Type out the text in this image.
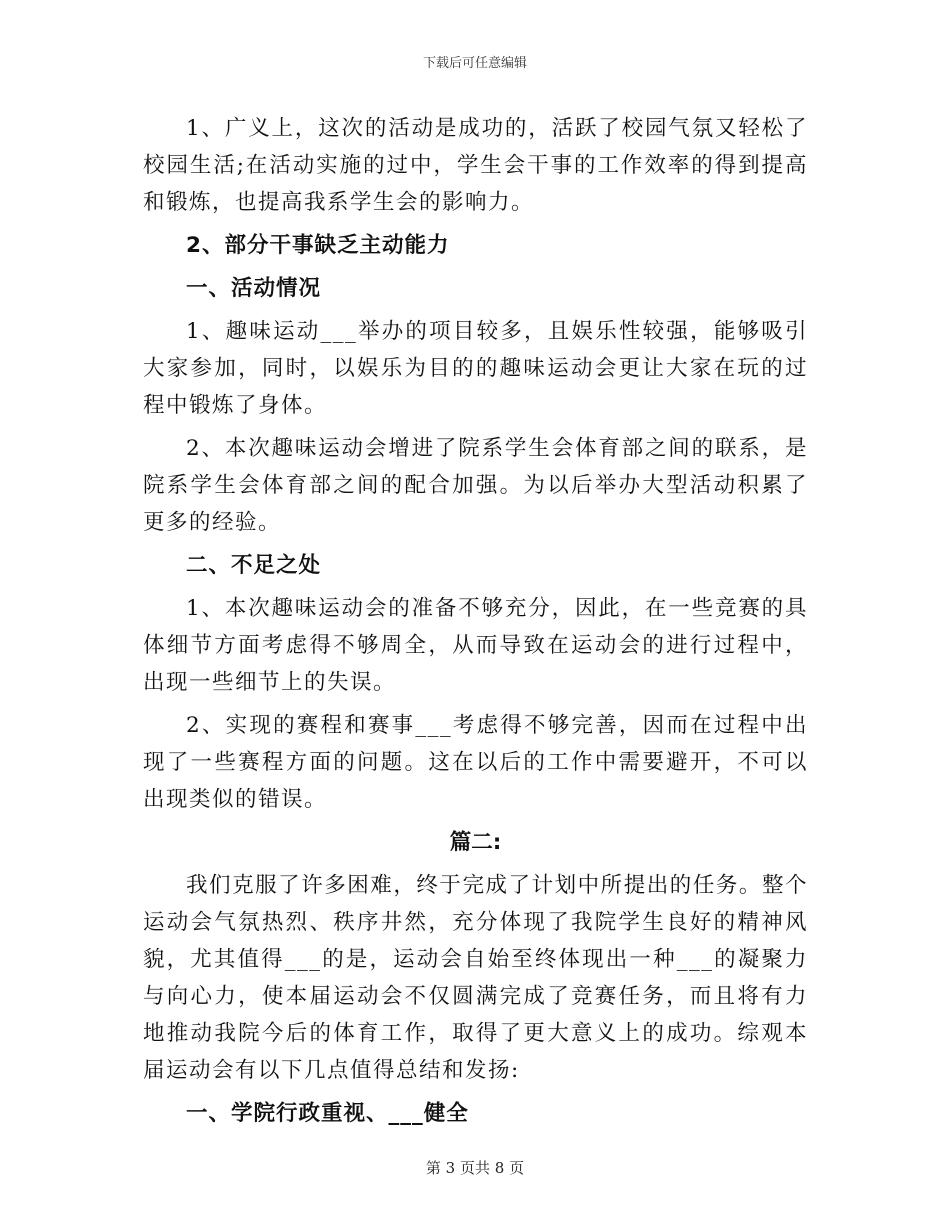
下载后可任意编辑

1、广义上，这次的活动是成功的，活跃了校园气氛又轻松了校园生活;在活动实施的过中，学生会干事的工作效率的得到提高和锻炼，也提高我系学生会的影响力。

2、部分干事缺乏主动能力

一、活动情况

1、趣味运动___举办的项目较多，且娱乐性较强，能够吸引大家参加，同时，以娱乐为目的的趣味运动会更让大家在玩的过程中锻炼了身体。

2、本次趣味运动会增进了院系学生会体育部之间的联系，是院系学生会体育部之间的配合加强。为以后举办大型活动积累了更多的经验。

二、不足之处

1、本次趣味运动会的准备不够充分，因此，在一些竞赛的具体细节方面考虑得不够周全，从而导致在运动会的进行过程中，出现一些细节上的失误。

2、实现的赛程和赛事___考虑得不够完善，因而在过程中出现了一些赛程方面的问题。这在以后的工作中需要避开，不可以出现类似的错误。

篇二:

我们克服了许多困难，终于完成了计划中所提出的任务。整个运动会气氛热烈、秩序井然，充分体现了我院学生良好的精神风貌，尤其值得___的是，运动会自始至终体现出一种___的凝聚力与向心力，使本届运动会不仅圆满完成了竞赛任务，而且将有力地推动我院今后的体育工作，取得了更大意义上的成功。综观本届运动会有以下几点值得总结和发扬:

一、学院行政重视、___健全

第 3 页共 8 页
